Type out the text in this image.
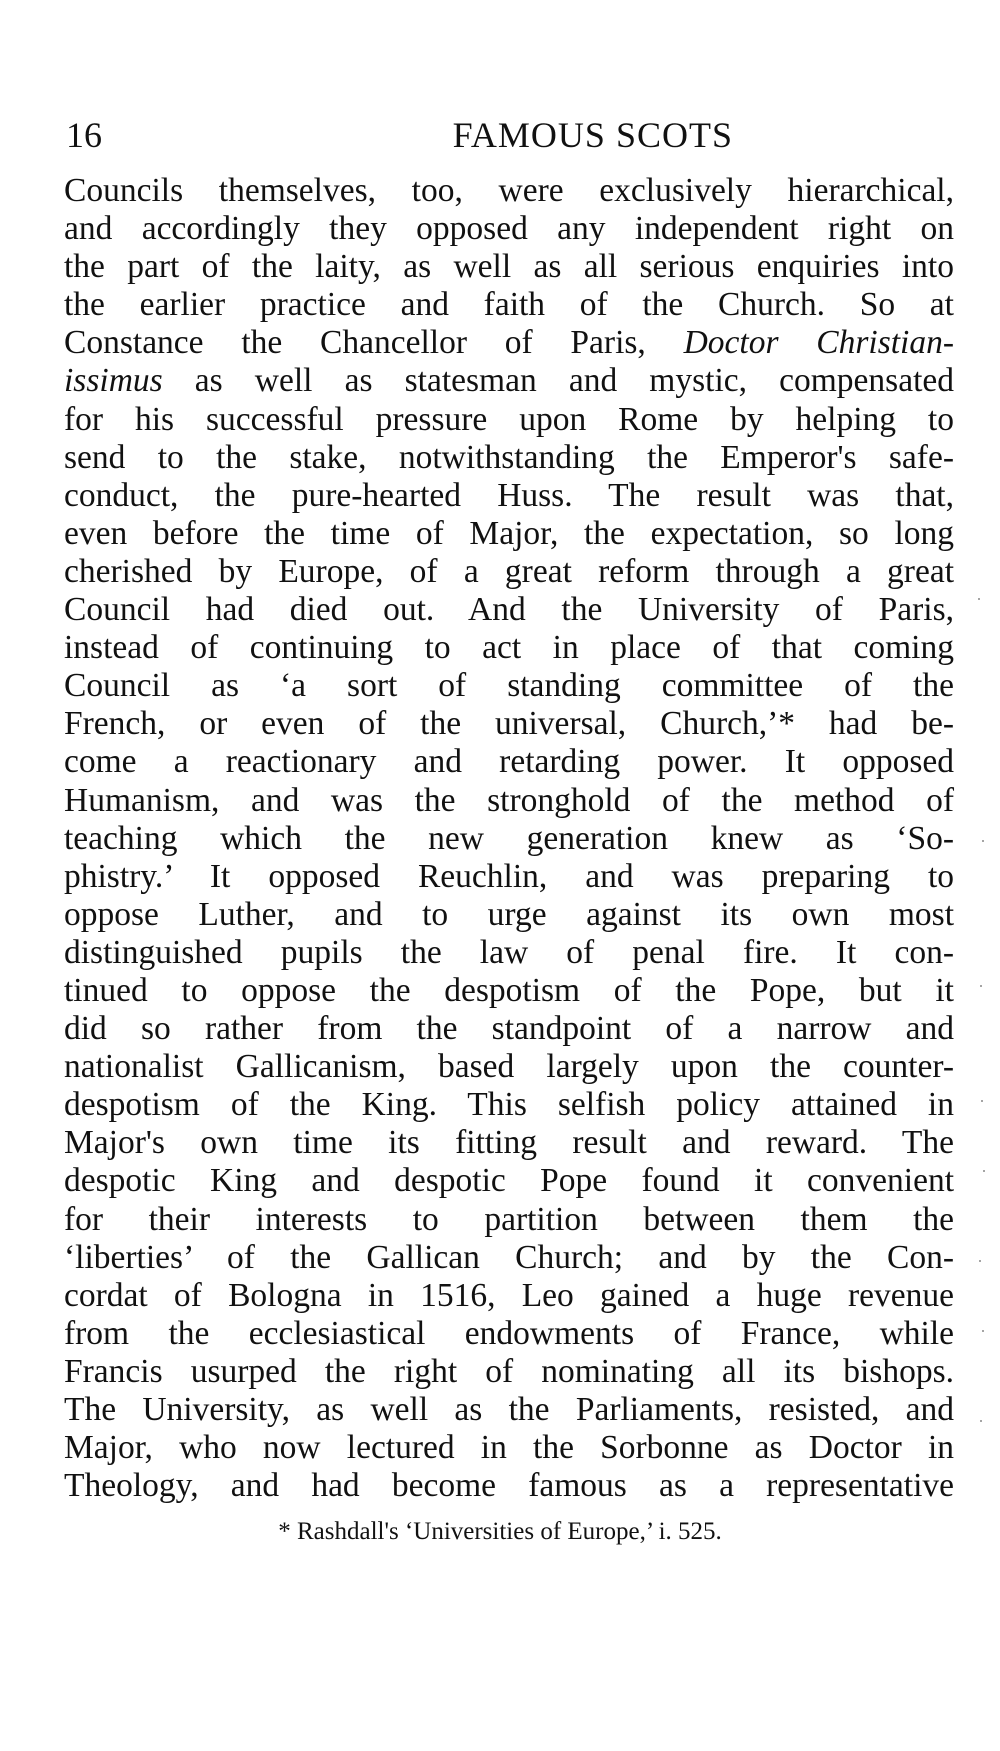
16	FAMOUS SCOTS
Councils themselves, too, were exclusively hierarchical,
and accordingly they opposed any independent right on
the part of the laity, as well as all serious enquiries into
the earlier practice and faith of the Church. So at
Constance the Chancellor of Paris, Doctor Christian-
issimus as well as statesman and mystic, compensated
for his successful pressure upon Rome by helping to
send to the stake, notwithstanding the Emperor's safe-
conduct, the pure-hearted Huss. The result was that,
even before the time of Major, the expectation, so long
cherished by Europe, of a great reform through a great
Council had died out. And the University of Paris,
instead of continuing to act in place of that coming
Council as ‘a sort of standing committee of the
French, or even of the universal, Church,’* had be-
come a reactionary and retarding power. It opposed
Humanism, and was the stronghold of the method of
teaching which the new generation knew as ‘So-
phistry.’ It opposed Reuchlin, and was preparing to
oppose Luther, and to urge against its own most
distinguished pupils the law of penal fire. It con-
tinued to oppose the despotism of the Pope, but it
did so rather from the standpoint of a narrow and
nationalist Gallicanism, based largely upon the counter-
despotism of the King. This selfish policy attained in
Major's own time its fitting result and reward. The
despotic King and despotic Pope found it convenient
for their interests to partition between them the
‘liberties’ of the Gallican Church; and by the Con-
cordat of Bologna in 1516, Leo gained a huge revenue
from the ecclesiastical endowments of France, while
Francis usurped the right of nominating all its bishops.
The University, as well as the Parliaments, resisted, and
Major, who now lectured in the Sorbonne as Doctor in
Theology, and had become famous as a representative
* Rashdall's ‘Universities of Europe,’ i. 525.
